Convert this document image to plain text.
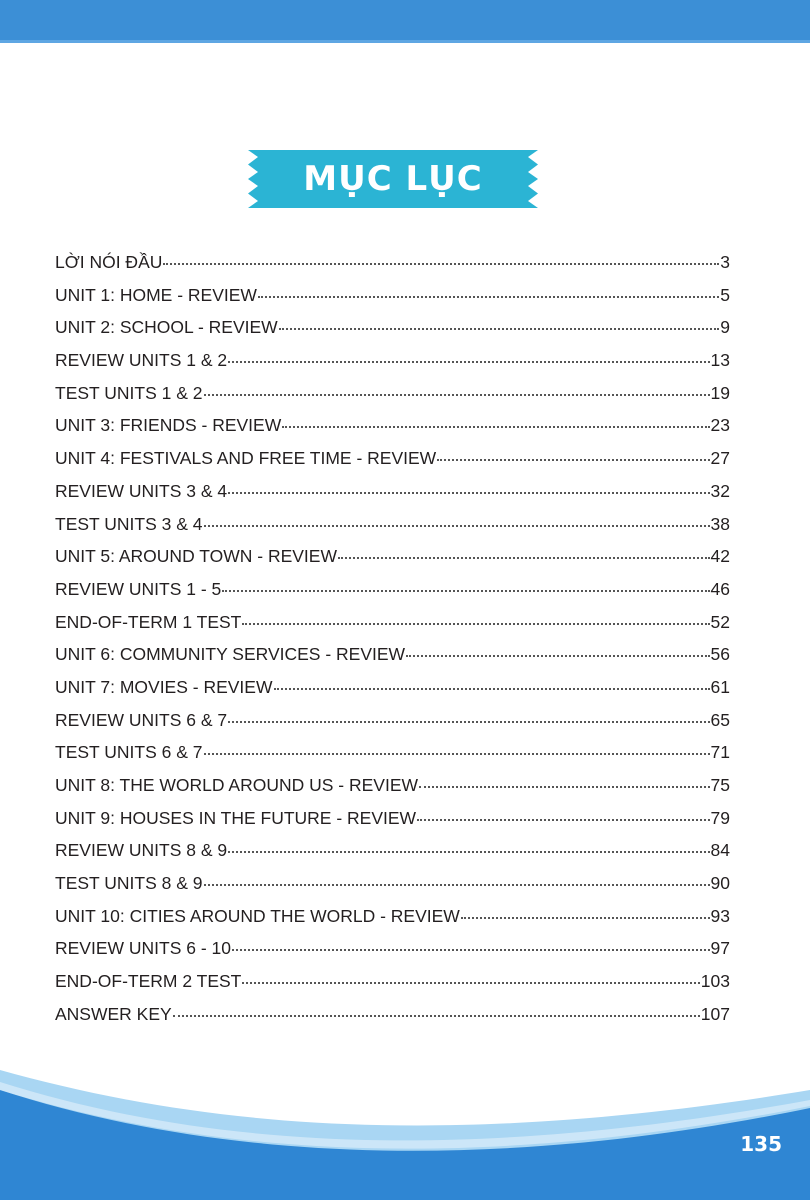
MỤC LỤC
LỜI NÓI ĐẦU	3
UNIT 1: HOME - REVIEW	5
UNIT 2: SCHOOL - REVIEW	9
REVIEW UNITS 1 & 2	13
TEST UNITS 1 & 2	19
UNIT 3: FRIENDS - REVIEW	23
UNIT 4: FESTIVALS AND FREE TIME - REVIEW	27
REVIEW UNITS 3 & 4	32
TEST UNITS 3 & 4	38
UNIT 5: AROUND TOWN - REVIEW	42
REVIEW UNITS 1 - 5	46
END-OF-TERM 1 TEST	52
UNIT 6: COMMUNITY SERVICES - REVIEW	56
UNIT 7: MOVIES - REVIEW	61
REVIEW UNITS 6 & 7	65
TEST UNITS 6 & 7	71
UNIT 8: THE WORLD AROUND US - REVIEW	75
UNIT 9: HOUSES IN THE FUTURE - REVIEW	79
REVIEW UNITS 8 & 9	84
TEST UNITS 8 & 9	90
UNIT 10: CITIES AROUND THE WORLD - REVIEW	93
REVIEW UNITS 6 - 10	97
END-OF-TERM 2 TEST	103
ANSWER KEY	107
135
